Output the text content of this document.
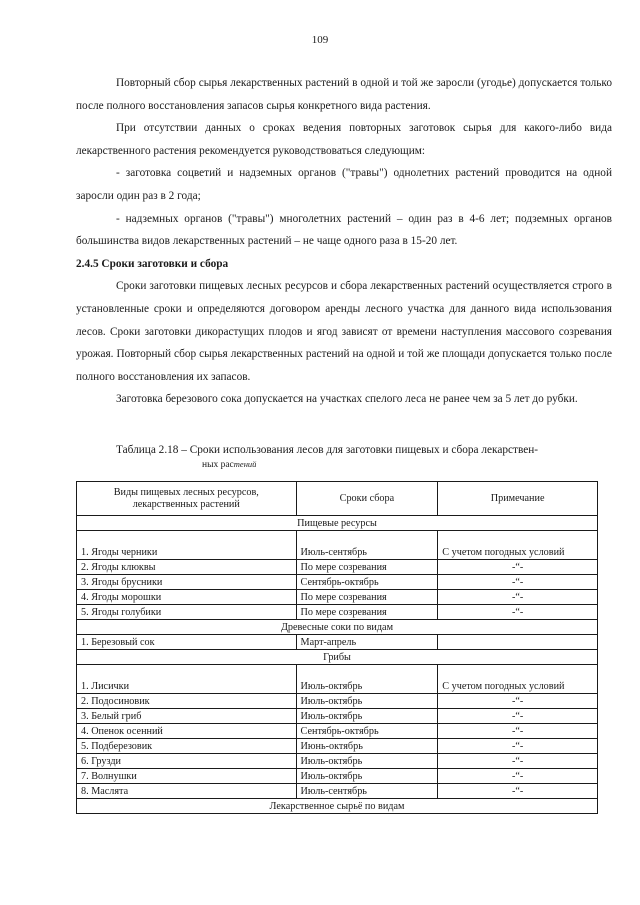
109

Повторный сбор сырья лекарственных растений в одной и той же заросли (угодье) допускается только после полного восстановления запасов сырья конкретного вида растения.

При отсутствии данных о сроках ведения повторных заготовок сырья для какого-либо вида лекарственного растения рекомендуется руководствоваться следующим:

- заготовка соцветий и надземных органов ("травы") однолетних растений проводится на одной заросли один раз в 2 года;

- надземных органов ("травы") многолетних растений – один раз в 4-6 лет; подземных органов большинства видов лекарственных растений – не чаще одного раза в 15-20 лет.

2.4.5 Сроки заготовки и сбора

Сроки заготовки пищевых лесных ресурсов и сбора лекарственных растений осуществляется строго в установленные сроки и определяются договором аренды лесного участка для данного вида использования лесов. Сроки заготовки дикорастущих плодов и ягод зависят от времени наступления массового созревания урожая. Повторный сбор сырья лекарственных растений на одной и той же площади допускается только после полного восстановления их запасов.

Заготовка березового сока допускается на участках спелого леса не ранее чем за 5 лет до рубки.

Таблица 2.18 – Сроки использования лесов для заготовки пищевых и сбора лекарствен-
ных растений
Виды пищевых лесных ресурсов, лекарственных растений	Сроки сбора	Примечание
Пищевые ресурсы		
1. Ягоды черники	Июль-сентябрь	С учетом погодных условий
2. Ягоды клюквы	По мере созревания	-“-
3. Ягоды брусники	Сентябрь-октябрь	-“-
4. Ягоды морошки	По мере созревания	-“-
5. Ягоды голубики	По мере созревания	-“-
Древесные соки по видам		
1. Березовый сок	Март-апрель	
Грибы		
1. Лисички	Июль-октябрь	С учетом погодных условий
2. Подосиновик	Июль-октябрь	-“-
3. Белый гриб	Июль-октябрь	-“-
4. Опенок осенний	Сентябрь-октябрь	-“-
5. Подберезовик	Июнь-октябрь	-“-
6. Грузди	Июль-октябрь	-“-
7. Волнушки	Июль-октябрь	-“-
8. Маслята	Июль-сентябрь	-“-
Лекарственное сырьё по видам		
